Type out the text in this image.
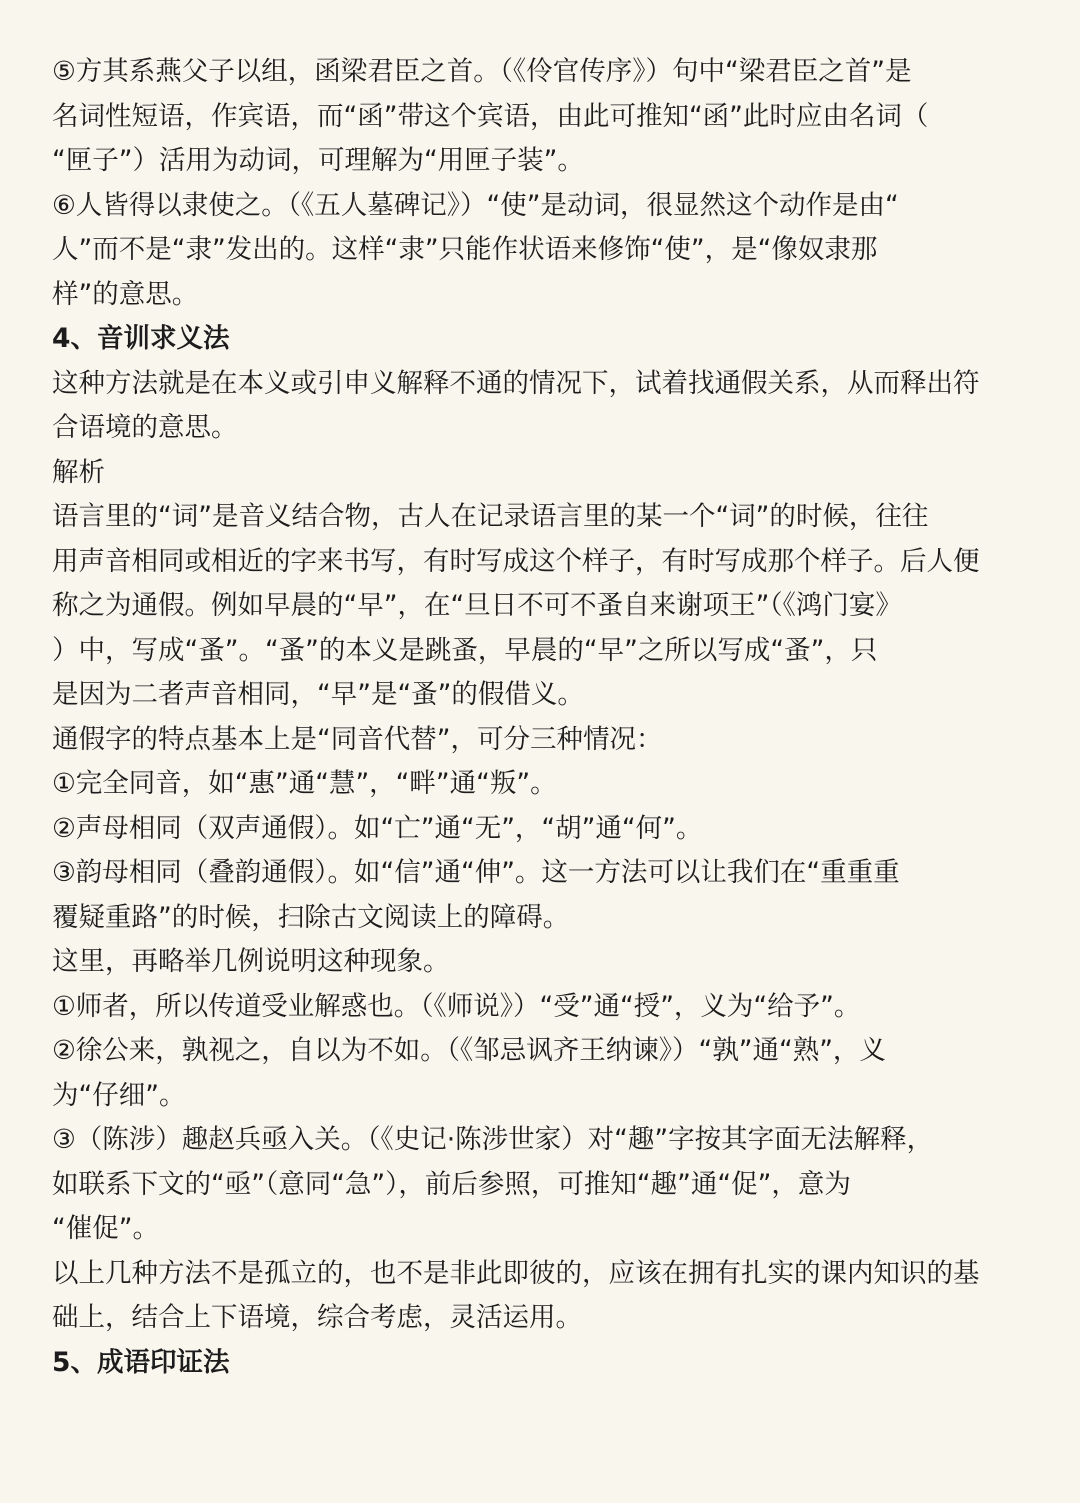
⑤方其系燕父子以组，函梁君臣之首。（《伶官传序》）句中“梁君臣之首”是
名词性短语，作宾语，而“函”带这个宾语，由此可推知“函”此时应由名词（
“匣子”）活用为动词，可理解为“用匣子装”。
⑥人皆得以隶使之。（《五人墓碑记》）“使”是动词，很显然这个动作是由“
人”而不是“隶”发出的。这样“隶”只能作状语来修饰“使”，是“像奴隶那
样”的意思。
4、音训求义法
这种方法就是在本义或引申义解释不通的情况下，试着找通假关系，从而释出符
合语境的意思。
解析
语言里的“词”是音义结合物，古人在记录语言里的某一个“词”的时候，往往
用声音相同或相近的字来书写，有时写成这个样子，有时写成那个样子。后人便
称之为通假。例如早晨的“早”，在“旦日不可不蚤自来谢项王”（《鸿门宴》
）中，写成“蚤”。“蚤”的本义是跳蚤，早晨的“早”之所以写成“蚤”，只
是因为二者声音相同，“早”是“蚤”的假借义。
通假字的特点基本上是“同音代替”，可分三种情况：
①完全同音，如“惠”通“慧”，“畔”通“叛”。
②声母相同（双声通假）。如“亡”通“无”，“胡”通“何”。
③韵母相同（叠韵通假）。如“信”通“伸”。这一方法可以让我们在“重重重
覆疑重路”的时候，扫除古文阅读上的障碍。
这里，再略举几例说明这种现象。
①师者，所以传道受业解惑也。（《师说》）“受”通“授”，义为“给予”。
②徐公来，孰视之，自以为不如。（《邹忌讽齐王纳谏》）“孰”通“熟”，义
为“仔细”。
③（陈涉）趣赵兵亟入关。（《史记·陈涉世家）对“趣”字按其字面无法解释，
如联系下文的“亟”（意同“急”），前后参照，可推知“趣”通“促”，意为
“催促”。
以上几种方法不是孤立的，也不是非此即彼的，应该在拥有扎实的课内知识的基
础上，结合上下语境，综合考虑，灵活运用。
5、成语印证法
